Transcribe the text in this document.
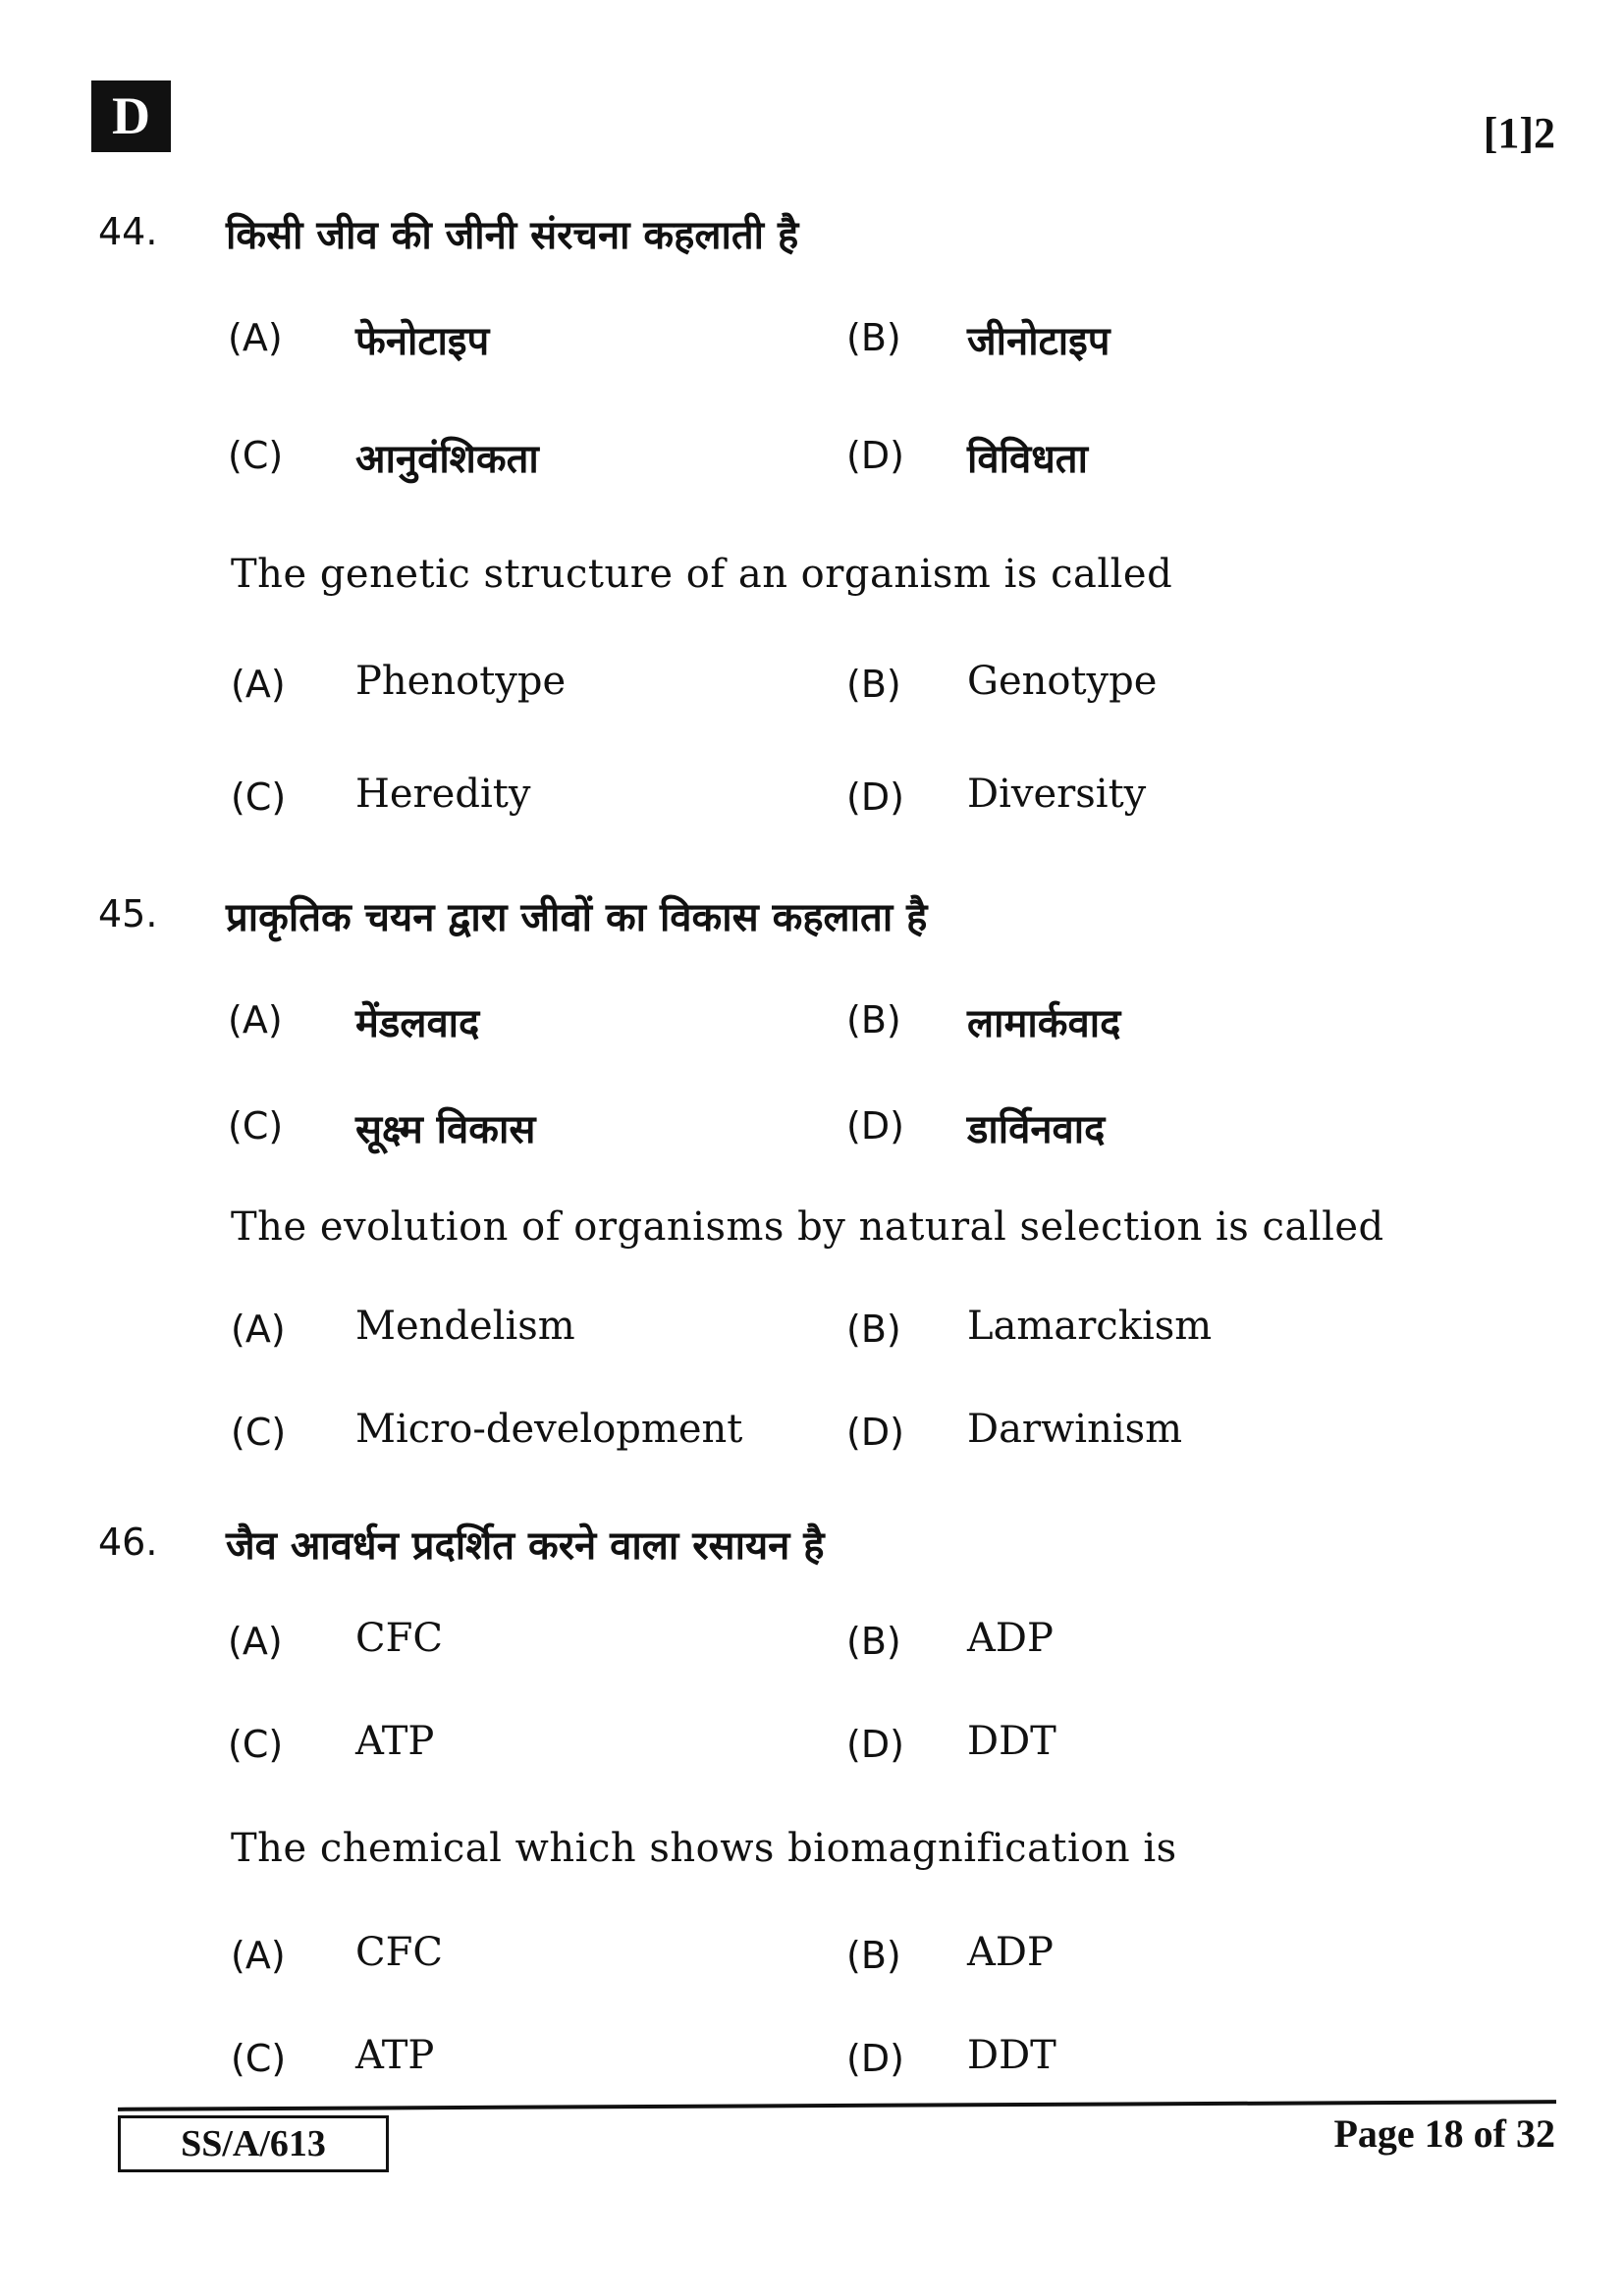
D	[1]2
44. किसी जीव की जीनी संरचना कहलाती है
(A) फेनोटाइप	(B) जीनोटाइप
(C) आनुवंशिकता	(D) विविधता
The genetic structure of an organism is called
(A) Phenotype	(B) Genotype
(C) Heredity	(D) Diversity
45. प्राकृतिक चयन द्वारा जीवों का विकास कहलाता है
(A) मेंडलवाद	(B) लामार्कवाद
(C) सूक्ष्म विकास	(D) डार्विनवाद
The evolution of organisms by natural selection is called
(A) Mendelism	(B) Lamarckism
(C) Micro-development	(D) Darwinism
46. जैव आवर्धन प्रदर्शित करने वाला रसायन है
(A) CFC	(B) ADP
(C) ATP	(D) DDT
The chemical which shows biomagnification is
(A) CFC	(B) ADP
(C) ATP	(D) DDT
SS/A/613	Page 18 of 32
